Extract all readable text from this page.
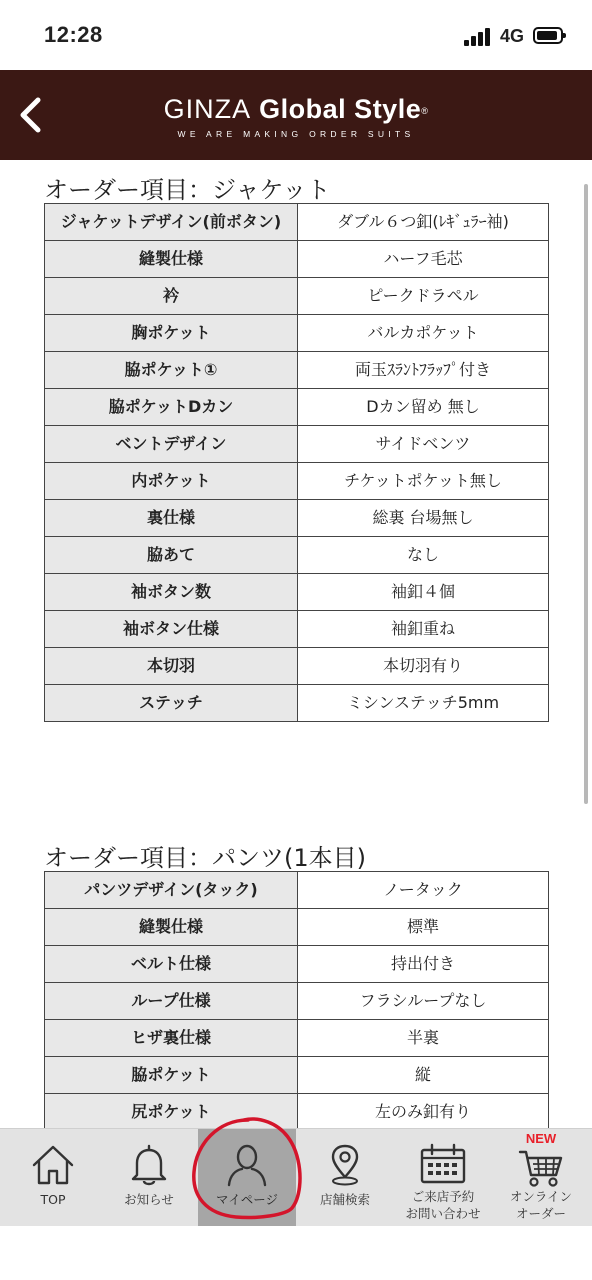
12:28	4G
GINZA Global Style®
WE ARE MAKING ORDER SUITS
オーダー項目：ジャケット
ジャケットデザイン(前ボタン)	ダブル６つ釦(ﾚｷﾞｭﾗｰ袖)
縫製仕様	ハーフ毛芯
衿	ピークドラペル
胸ポケット	バルカポケット
脇ポケット①	両玉ｽﾗﾝﾄﾌﾗｯﾌﾟ付き
脇ポケットDカン	Dカン留め 無し
ベントデザイン	サイドベンツ
内ポケット	チケットポケット無し
裏仕様	総裏 台場無し
脇あて	なし
袖ボタン数	袖釦４個
袖ボタン仕様	袖釦重ね
本切羽	本切羽有り
ステッチ	ミシンステッチ5mm
オーダー項目：パンツ(1本目)
パンツデザイン(タック)	ノータック
縫製仕様	標準
ベルト仕様	持出付き
ループ仕様	フラシループなし
ヒザ裏仕様	半裏
脇ポケット	縦
尻ポケット	左のみ釦有り
TOP	お知らせ	マイページ	店舗検索	ご来店予約
お問い合わせ
NEW
オンライン
オーダー
